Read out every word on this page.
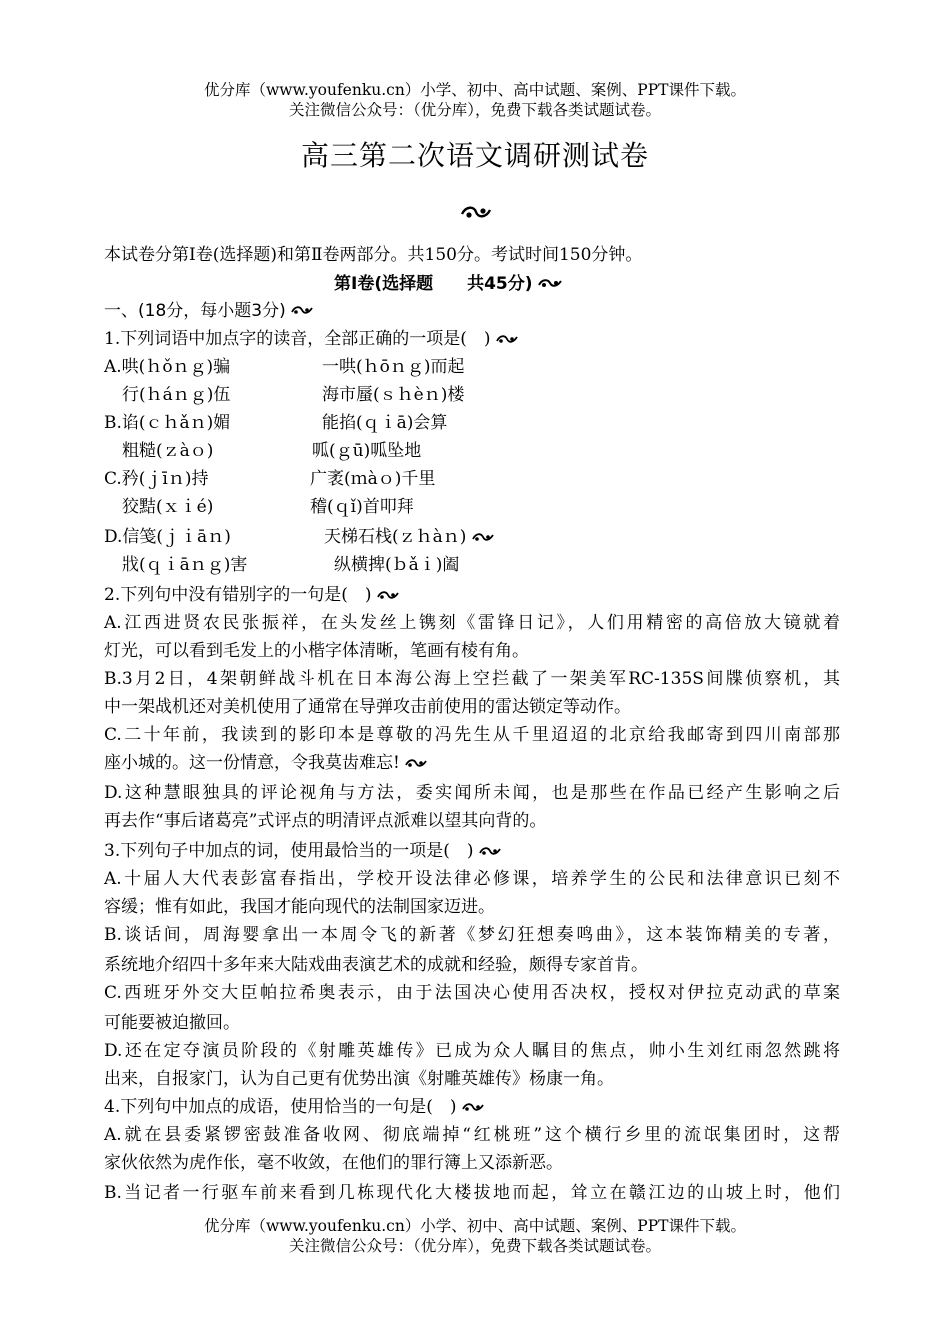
优分库（www.youfenku.cn）小学、初中、高中试题、案例、PPT课件下载。
关注微信公众号：（优分库），免费下载各类试题试卷。
高三第二次语文调研测试卷
本试卷分第Ⅰ卷(选择题)和第Ⅱ卷两部分。共150分。考试时间150分钟。
第Ⅰ卷(选择题　　共45分)
一、(18分，每小题3分)
1.下列词语中加点字的读音，全部正确的一项是(　)
A.哄(ｈǒｎｇ)骗	一哄(ｈōｎｇ)而起
行(ｈáｎｇ)伍	海市蜃(ｓｈèｎ)楼
B.谄(ｃｈǎｎ)媚	能掐(ｑｉā)会算
粗糙(ｚàｏ)	呱(ｇū)呱坠地
C.矜(ｊīｎ)持	广袤(ｍàｏ)千里
狡黠(ｘｉé)	稽(ｑǐ)首叩拜
D.信笺(ｊｉāｎ)	天梯石栈(ｚｈàｎ)
戕(ｑｉāｎｇ)害	纵横捭(ｂǎｉ)阖
2.下列句中没有错别字的一句是(　)
A.江西进贤农民张振祥，在头发丝上镌刻《雷锋日记》，人们用精密的高倍放大镜就着
灯光，可以看到毛发上的小楷字体清晰，笔画有棱有角。
B.3月2日，4架朝鲜战斗机在日本海公海上空拦截了一架美军RC-135S间牒侦察机，其
中一架战机还对美机使用了通常在导弹攻击前使用的雷达锁定等动作。
C.二十年前，我读到的影印本是尊敬的冯先生从千里迢迢的北京给我邮寄到四川南部那
座小城的。这一份情意，令我莫齿难忘!
D.这种慧眼独具的评论视角与方法，委实闻所未闻，也是那些在作品已经产生影响之后
再去作“事后诸葛亮”式评点的明清评点派难以望其向背的。
3.下列句子中加点的词，使用最恰当的一项是(　)
A.十届人大代表彭富春指出，学校开设法律必修课，培养学生的公民和法律意识已刻不
容缓；惟有如此，我国才能向现代的法制国家迈进。
B.谈话间，周海婴拿出一本周令飞的新著《梦幻狂想奏鸣曲》，这本装饰精美的专著，
系统地介绍四十多年来大陆戏曲表演艺术的成就和经验，颇得专家首肯。
C.西班牙外交大臣帕拉希奥表示，由于法国决心使用否决权，授权对伊拉克动武的草案
可能要被迫撤回。
D.还在定夺演员阶段的《射雕英雄传》已成为众人瞩目的焦点，帅小生刘红雨忽然跳将
出来，自报家门，认为自己更有优势出演《射雕英雄传》杨康一角。
4.下列句中加点的成语，使用恰当的一句是(　)
A.就在县委紧锣密鼓准备收网、彻底端掉“红桃班”这个横行乡里的流氓集团时，这帮
家伙依然为虎作伥，毫不收敛，在他们的罪行簿上又添新恶。
B.当记者一行驱车前来看到几栋现代化大楼拔地而起，耸立在赣江边的山坡上时，他们
优分库（www.youfenku.cn）小学、初中、高中试题、案例、PPT课件下载。
关注微信公众号：（优分库），免费下载各类试题试卷。
